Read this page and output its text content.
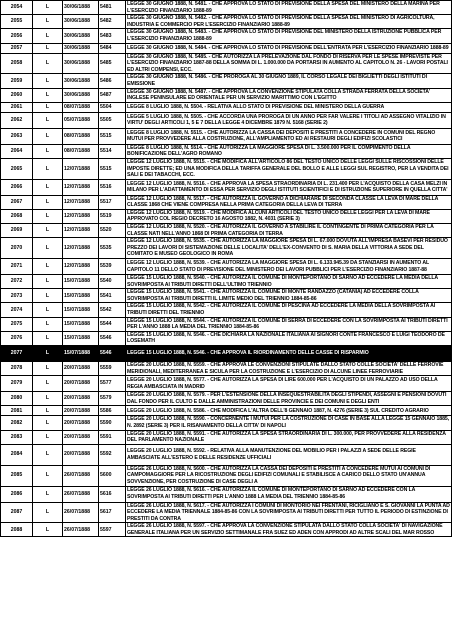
2054	L	30/06/1888	5481	LEGGE 30 GIUGNO 1888, N. 5481. - CHE APPROVA LO STATO DI PREVISIONE DELLA SPESA DEL MINISTERO DELLA MARINA PER L'ESERCIZIO FINANZIARIO 1888-89
2055	L	30/06/1888	5482	LEGGE 30 GIUGNO 1888, N. 5482. - CHE APPROVA LO STATO DI PREVISIONE DELLA SPESA DEL MINISTERO DI AGRICOLTURA, INDUSTRIA E COMMERCIO PER L'ESERCIZIO FINANZIARIO 1888-89
2056	L	30/06/1888	5483	LEGGE 30 GIUGNO 1888, N. 5483. - CHE APPROVA LO STATO DI PREVISIONE DEL MINISTERO DELLA ISTRUZIONE PUBBLICA PER L'ESERCIZIO FINANZIARIO 1888-89
2057	L	30/06/1888	5484	LEGGE 30 GIUGNO 1888, N. 5484. - CHE APPROVA LO STATO DI PREVISIONE DELL'ENTRATA PER L'ESERCIZIO FINANZIARIO 1888-89
2058	L	30/06/1888	5485	LEGGE 30 GIUGNO 1888, N. 5485. - CHE AUTORIZZA LA PRELEVAZIONE DAL FONDO DI RISERVA PER LE SPESE IMPREVISTE PER L'ESERCIZIO FINANZIARIO 1887-88 DELLA SOMMA DI L. 1.000.000 DA PORTARSI IN AUMENTO AL CAPITOLO N. 26 - LAVORI POSTALI ED ALTRI COMPENSI, ECC.
2059	L	30/06/1888	5486	LEGGE 30 GIUGNO 1888, N. 5486. - CHE PROROGA AL 30 GIUGNO 1889, IL CORSO LEGALE DEI BIGLIETTI DEGLI ISTITUTI DI EMISSIONE
2060	L	30/06/1888	5487	LEGGE 30 GIUGNO 1888, N. 5487. - CHE APPROVA LA CONVENZIONE STIPULATA COLLA STRADA FERRATA DELLA SOCIETA' INGLESE PENINSULARE ED ORIENTALE PER UN SERVIZIO MARITTIMO CON L'EGITTO
2061	L	08/07/1888	5504	LEGGE 8 LUGLIO 1888, N. 5504. - RELATIVA ALLO STATO DI PREVISIONE DEL MINISTERO DELLA GUERRA
2062	L	05/07/1888	5505	LEGGE 5 LUGLIO 1888, N. 5505. - CHE ACCORDA UNA PROROGA DI UN ANNO PER FAR VALERE I TITOLI AD ASSEGNO VITALIZIO IN VIRTU' DEGLI ARTICOLI 1, 5 E 7 DELLA LEGGE 4 DICEMBRE 1879 N. 5168 (SERIE 2)
2063	L	08/07/1888	5515	LEGGE 8 LUGLIO 1888, N. 5515. - CHE AUTORIZZA LA CASSA DEI DEPOSITI E PRESTITI A CONCEDERE IN COMUNI DEL REGNO MUTUI PER PROVVEDERE ALLA COSTRUZIONE, ALL'AMPLIAMENTO ED AI RESTAURI DEGLI EDIFIZI SCOLASTICI
2064	L	08/07/1888	5514	LEGGE 8 LUGLIO 1888, N. 5514. - CHE AUTORIZZA LA MAGGIORE SPESA DI L. 3.500.000 PER IL COMPIMENTO DELLA BONIFICAZIONE DELL'AGRO ROMANO
2065	L	12/07/1888	5515	LEGGE 12 LUGLIO 1888, N. 5515. - CHE MODIFICA ALL'ARTICOLO 86 DEL TESTO UNICO DELLE LEGGI SULLE RISCOSSIONI DELLE IMPOSTE DIRETTE; ED UNA MODIFICA DELLA TARIFFA GENERALE DEL BOLLO E ALLE LEGGI SUL REGISTRO, PER LA VENDITA DEI SALI E DEI TABACCHI, ECC.
2066	L	12/07/1888	5516	LEGGE 12 LUGLIO 1888, N. 5516. - CHE APPROVA LA SPESA STRAORDINARIA DI L. 231.400 PER L'ACQUISTO DELLA CASA MELZI IN MILANO PER L'ADATTAMENTO DI ESSA PER SERVIZIO DEGLI ISTITUTI SCIENTIFICI E DI ISTRUZIONE SUPERIORE IN QUELLA CITTA'
2067	L	12/07/1888	5517	LEGGE 12 LUGLIO 1888, N. 5517. - CHE AUTORIZZA IL GOVERNO A DICHIARARE DI SECONDA CLASSE LA LEVA DI MARE DELLA CLASSE 1868 CHE VIENE COMPRESA NELLA PRIMA CATEGORIA DELLA LEVA DI TERRA
2068	L	12/07/1888	5519	LEGGE 12 LUGLIO 1888, N. 5519. - CHE MODIFICA ALCUNI ARTICOLI DEL TESTO UNICO DELLE LEGGI PER LA LEVA DI MARE APPROVATO COL REGIO DECRETO 16 AGOSTO 1882, N. 4031 (SERIE 3)
2069	L	12/07/1888	5520	LEGGE 12 LUGLIO 1888, N. 5520. - CHE AUTORIZZA IL GOVERNO A STABILIRE IL CONTINGENTE DI PRIMA CATEGORIA PER LA CLASSE NATI NELL'ANNO 1868 DI PRIMA CATEGORIA DI TERRA
2070	L	12/07/1888	5535	LEGGE 12 LUGLIO 1888, N. 5535. - CHE AUTORIZZA LA MAGGIORE SPESA DI L. 67.000 DOVUTA ALL'IMPRESA BASEVI PER RESIDUO PREZZO DEI LAVORI DI SISTEMAZIONE DELLE LOCALITA' DELL'EX-CONVENTO DI S. MARIA DELLA VITTORIA A SEDE DEL COMITATO E MUSEO GEOLOGICO IN ROMA
2071	L	12/07/1888	5539	LEGGE 12 LUGLIO 1888, N. 5539. - CHE AUTORIZZA LA MAGGIORE SPESA DI L. 6.133.945.39 DA STANZIARSI IN AUMENTO AL CAPITOLO 11 DELLO STATO DI PREVISIONE DEL MINISTERO DEI LAVORI PUBBLICI PER L'ESERCIZIO FINANZIARIO 1887-88
2072	L	15/07/1888	5540	LEGGE 15 LUGLIO 1888, N. 5540. - CHE AUTORIZZA IL COMUNE DI MONTEPORTANO DI SARNO AD ECCEDERE LA MEDIA DELLA SOVRIMPOSTA AI TRIBUTI DIRETTI DELL'ULTIMO TRIENNIO
2073	L	15/07/1888	5541	LEGGE 15 LUGLIO 1888, N. 5541. - CHE AUTORIZZA IL COMUNE DI MONTE RANDAZZO (CATANIA) AD ECCEDERE COLLA SOVRIMPOSTA AI TRIBUTI DIRETTI IL LIMITE MEDIO DEL TRIENNIO 1884-85-86
2074	L	15/07/1888	5542	LEGGE 15 LUGLIO 1888, N. 5542. - CHE AUTORIZZA IL COMUNE DI PESCINA AD ECCEDERE LA MEDIA DELLA SOVRIMPOSTA AI TRIBUTI DIRETTI DEL TRIENNIO
2075	L	15/07/1888	5544	LEGGE 15 LUGLIO 1888, N. 5544. - CHE AUTORIZZA IL COMUNE DI SERRA DI ECCEDERE CON LA SOVRIMPOSTA AI TRIBUTI DIRETTI PER L'ANNO 1888 LA MEDIA DEL TRIENNIO 1884-85-86
2076	L	15/07/1888	5546	LEGGE 15 LUGLIO 1888, N. 5546. - CHE DICHIARA LA NAZIONALE ITALIANA AI SIGNORI CONTE FRANCESCO E LUIGI TEODORO DE LOSEMATH
2077	L	15/07/1888	5546	LEGGE 15 LUGLIO 1888, N. 5546. - CHE APPROVA IL RIORDINAMENTO DELLE CASSE DI RISPARMIO
2078	L	20/07/1888	5559	LEGGE 20 LUGLIO 1888, N. 5559. - CHE APPROVA LE CONVENZIONI STIPULATE DALLO STATO COLLE SOCIETA' DELLE FERROVIE MERIDIONALI, MEDITERRANEA E SICULA PER LA COSTRUZIONE E L'ESERCIZIO DI ALCUNE LINEE FERROVIARIE
2079	L	20/07/1888	5577	LEGGE 20 LUGLIO 1888, N. 5577. - CHE AUTORIZZA LA SPESA DI LIRE 600.000 PER L'ACQUISTO DI UN PALAZZO AD USO DELLA REGIA AMBASCIATA IN MADRID
2080	L	20/07/1888	5579	LEGGE 20 LUGLIO 1888, N. 5579. - PER L'ESTENSIONE DELLA INSEQUESTRABILITA DEGLI STIPENDI, ASSEGNI E PENSIONI DOVUTI DAL FONDO PER IL CULTO E DALLE AMMINISTRAZIONI DELLE PROVINCIE E DEI COMUNI E DEGLI ENTI
2081	L	20/07/1888	5586	LEGGE 20 LUGLIO 1888, N. 5586. - CHE MODIFICA L'ALTRA DELL'8 GENNAIO 1887, N. 4276 (SERIE 3) SUL CREDITO AGRARIO
2082	L	20/07/1888	5590	LEGGE 20 LUGLIO 1888, N. 5590. - CONCERNENTE I MUTUI PER LA COSTRUZIONE DI CASE IN BASE ALLA LEGGE 15 GENNAIO 1885, N. 2892 (SERIE 3) PER IL RISANAMENTO DELLA CITTA' DI NAPOLI
2083	L	20/07/1888	5591	LEGGE 20 LUGLIO 1888, N. 5591. - CHE AUTORIZZA LA SPESA STRAORDINARIA DI L. 300.000, PER PROVVEDERE ALLA RESIDENZA DEL PARLAMENTO NAZIONALE
2084	L	20/07/1888	5592	LEGGE 20 LUGLIO 1888, N. 5592. - RELATIVA ALLA MANUTENZIONE DEL MOBILIO PER I PALAZZI A SEDE DELLE REGIE AMBASCIATE ALL'ESTERO E DELLE RESIDENZE UFFICIALI
2085	L	26/07/1888	5600	LEGGE 26 LUGLIO 1888, N. 5600. - CHE AUTORIZZA LA CASSA DEI DEPOSITI E PRESTITI A CONCEDERE MUTUI AI COMUNI DI CAMPOMAGGIORE PER LA RICOSTRUZIONE DEGLI EDIFIZI COMUNALI E STABILISCE A CARICO DELLO STATO UN'ANNUA SOVVENZIONE, PER COSTRUZIONE DI CASE DEGLI A
2086	L	26/07/1888	5616	LEGGE 26 LUGLIO 1888, N. 5616. - CHE AUTORIZZA IL COMUNE DI MONTEPORTANO DI SARNO AD ECCEDERE CON LA SOVRIMPOSTA AI TRIBUTI DIRETTI PER L'ANNO 1888 LA MEDIA DEL TRIENNIO 1884-85-86
2087	L	26/07/1888	5617	LEGGE 26 LUGLIO 1888, N. 5617. - CHE AUTORIZZA I COMUNI DI MONTORIO NEI FRENTANI, RICIGLIANO E S. GIOVANNI LA PUNTA AD ECCEDERE LA MEDIA TRIENNALE 1884-85-86 CON LA SOVRIMPOSTA AI TRIBUTI DIRETTI PER TUTTO IL PERIODO DI ESTINZIONE DI PRESTITI DA CONTRA
2088	L	26/07/1888	5597	LEGGE 26 LUGLIO 1888, N. 5597. - CHE APPROVA LA CONVENZIONE STIPULATA DALLO STATO COLLA SOCIETA' DI NAVIGAZIONE GENERALE ITALIANA PER UN SERVIZIO SETTIMANALE FRA SUEZ ED ADEN CON APPRODI AD ALTRE SCALI DEL MAR ROSSO
